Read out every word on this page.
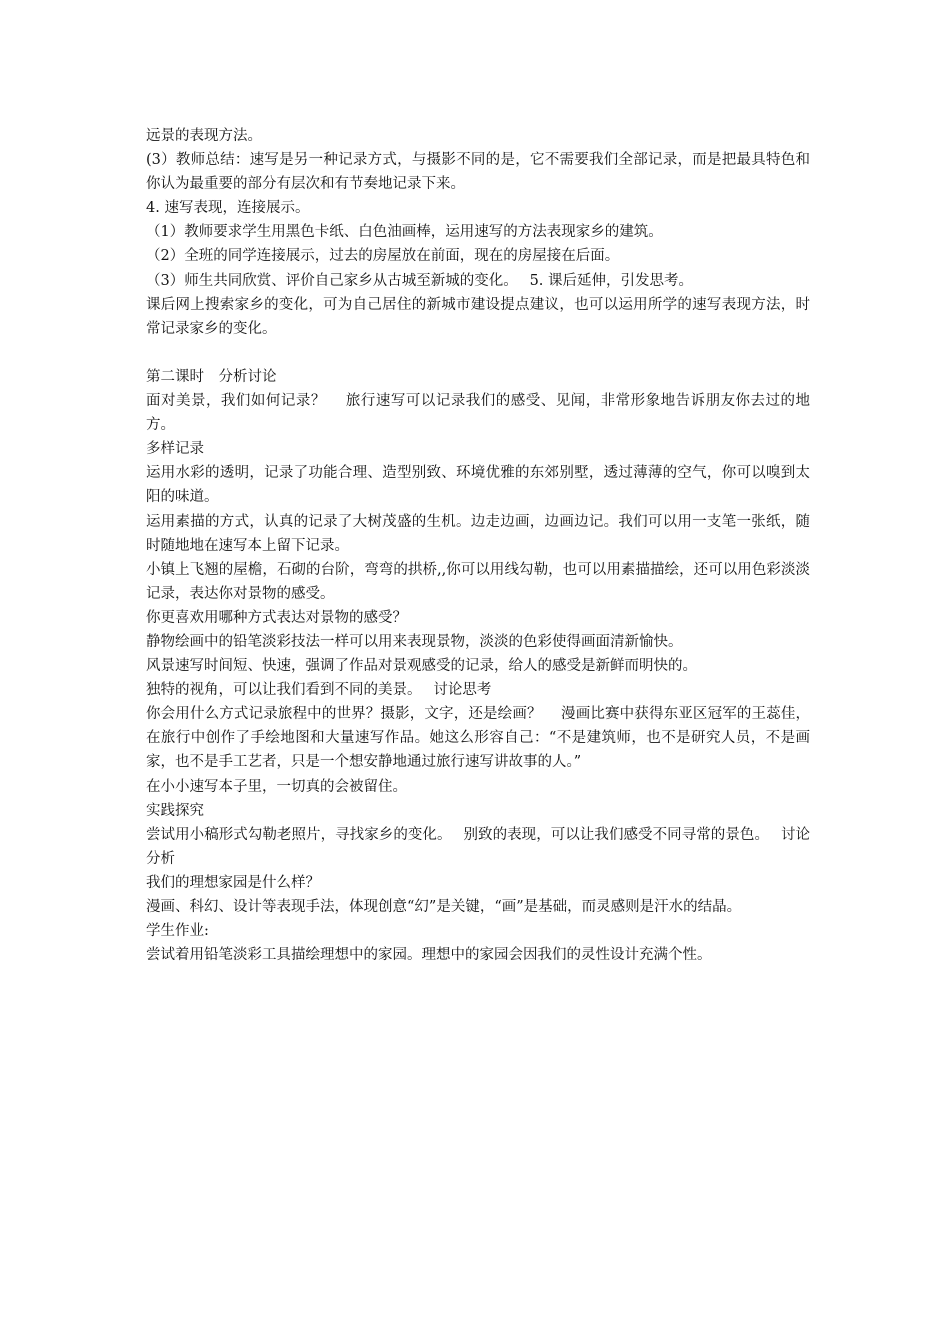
远景的表现方法。

(3）教师总结：速写是另一种记录方式，与摄影不同的是，它不需要我们全部记录，而是把最具特色和你认为最重要的部分有层次和有节奏地记录下来。

4. 速写表现，连接展示。

（1）教师要求学生用黑色卡纸、白色油画棒，运用速写的方法表现家乡的建筑。

（2）全班的同学连接展示，过去的房屋放在前面，现在的房屋接在后面。

（3）师生共同欣赏、评价自己家乡从古城至新城的变化。　 5. 课后延伸，引发思考。

课后网上搜索家乡的变化，可为自己居住的新城市建设提点建议，也可以运用所学的速写表现方法，时常记录家乡的变化。

第二课时　分析讨论

面对美景，我们如何记录？　 旅行速写可以记录我们的感受、见闻，非常形象地告诉朋友你去过的地方。

多样记录

运用水彩的透明，记录了功能合理、造型别致、环境优雅的东郊别墅，透过薄薄的空气，你可以嗅到太阳的味道。

运用素描的方式，认真的记录了大树茂盛的生机。边走边画，边画边记。我们可以用一支笔一张纸，随时随地地在速写本上留下记录。

小镇上飞翘的屋檐，石砌的台阶，弯弯的拱桥,,你可以用线勾勒，也可以用素描描绘，还可以用色彩淡淡记录，表达你对景物的感受。

你更喜欢用哪种方式表达对景物的感受？

静物绘画中的铅笔淡彩技法一样可以用来表现景物，淡淡的色彩使得画面清新愉快。

风景速写时间短、快速，强调了作品对景观感受的记录，给人的感受是新鲜而明快的。

独特的视角，可以让我们看到不同的美景。　 讨论思考

你会用什么方式记录旅程中的世界？摄影，文字，还是绘画？　 漫画比赛中获得东亚区冠军的王蕊佳，在旅行中创作了手绘地图和大量速写作品。她这么形容自己：“不是建筑师，也不是研究人员，不是画家，也不是手工艺者，只是一个想安静地通过旅行速写讲故事的人。”

在小小速写本子里，一切真的会被留住。

实践探究

尝试用小稿形式勾勒老照片，寻找家乡的变化。　 别致的表现，可以让我们感受不同寻常的景色。　 讨论分析

我们的理想家园是什么样？

漫画、科幻、设计等表现手法，体现创意“幻”是关键，“画”是基础，而灵感则是汗水的结晶。

学生作业:

尝试着用铅笔淡彩工具描绘理想中的家园。理想中的家园会因我们的灵性设计充满个性。
